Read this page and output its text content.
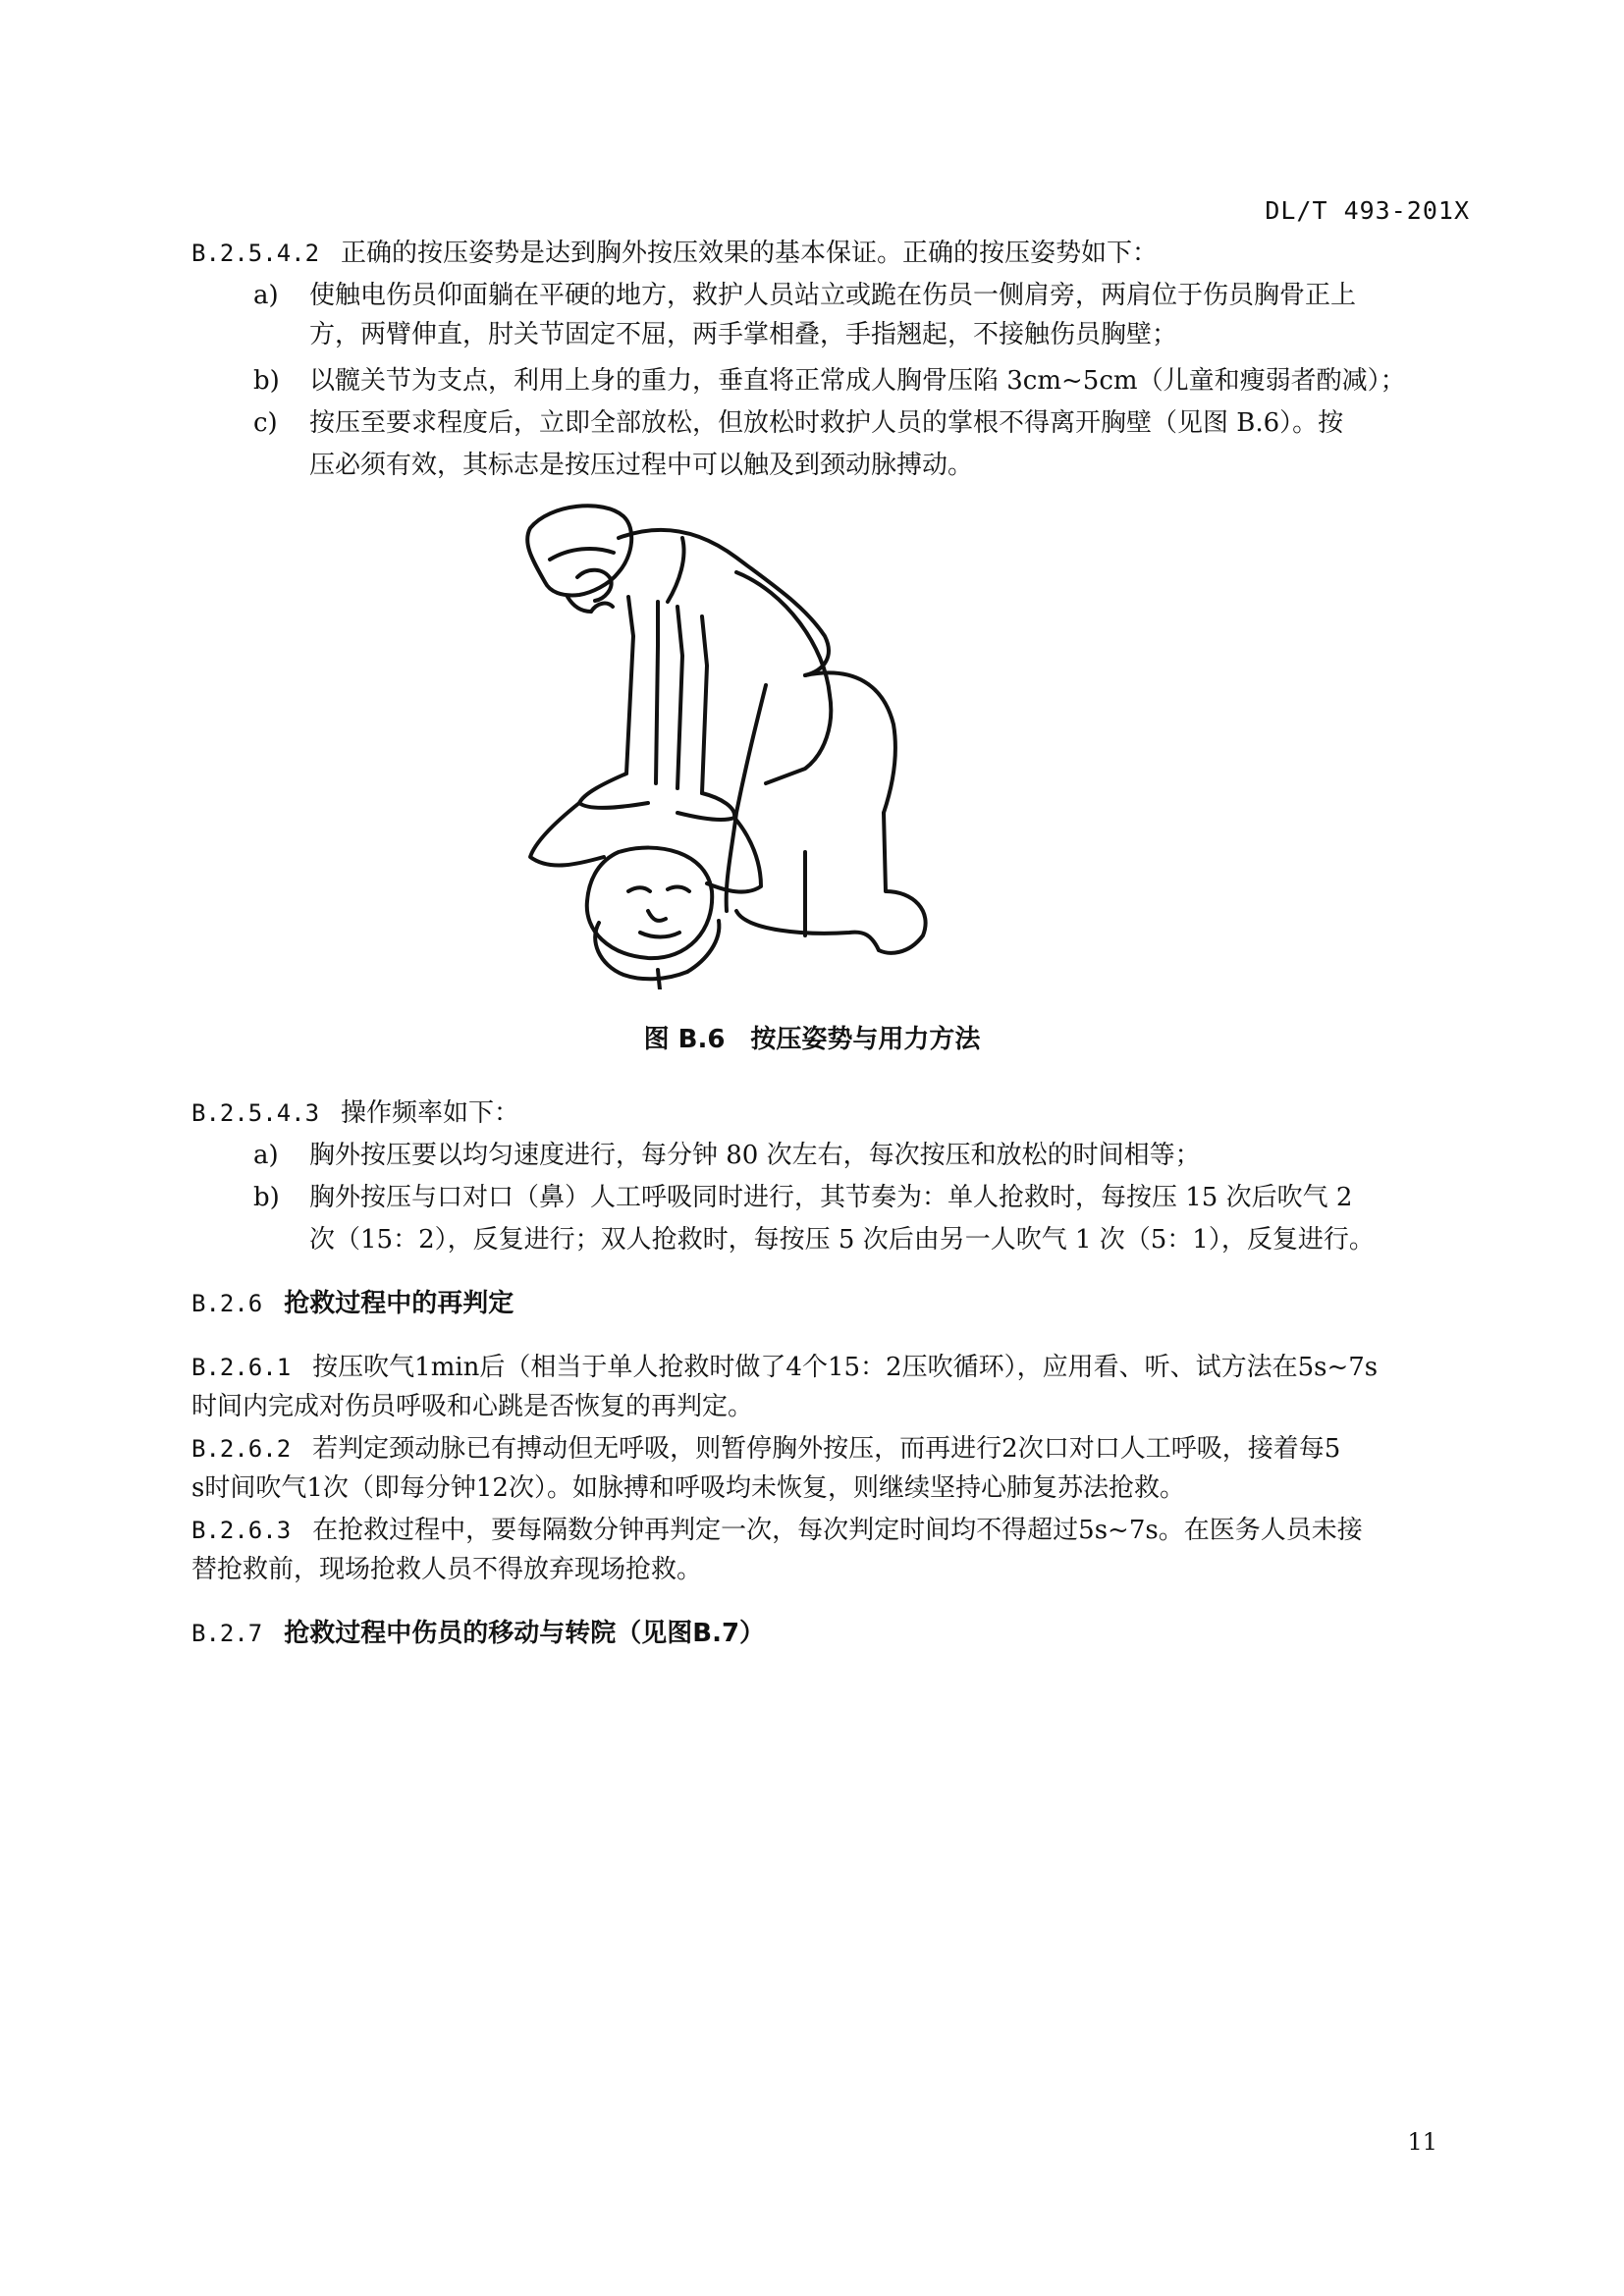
DL/T 493-201X
B.2.5.4.2 正确的按压姿势是达到胸外按压效果的基本保证。正确的按压姿势如下：
a) 使触电伤员仰面躺在平硬的地方，救护人员站立或跪在伤员一侧肩旁，两肩位于伤员胸骨正上
方，两臂伸直，肘关节固定不屈，两手掌相叠，手指翘起，不接触伤员胸壁；
b) 以髋关节为支点，利用上身的重力，垂直将正常成人胸骨压陷 3cm~5cm（儿童和瘦弱者酌减）；
c) 按压至要求程度后，立即全部放松，但放松时救护人员的掌根不得离开胸壁（见图 B.6）。按
压必须有效，其标志是按压过程中可以触及到颈动脉搏动。
图 B.6　按压姿势与用力方法
B.2.5.4.3 操作频率如下：
a) 胸外按压要以均匀速度进行，每分钟 80 次左右，每次按压和放松的时间相等；
b) 胸外按压与口对口（鼻）人工呼吸同时进行，其节奏为：单人抢救时，每按压 15 次后吹气 2
次（15：2），反复进行；双人抢救时，每按压 5 次后由另一人吹气 1 次（5：1），反复进行。
B.2.6 抢救过程中的再判定
B.2.6.1 按压吹气1min后（相当于单人抢救时做了4个15：2压吹循环），应用看、听、试方法在5s~7s
时间内完成对伤员呼吸和心跳是否恢复的再判定。
B.2.6.2 若判定颈动脉已有搏动但无呼吸，则暂停胸外按压，而再进行2次口对口人工呼吸，接着每5
s时间吹气1次（即每分钟12次）。如脉搏和呼吸均未恢复，则继续坚持心肺复苏法抢救。
B.2.6.3 在抢救过程中，要每隔数分钟再判定一次，每次判定时间均不得超过5s~7s。在医务人员未接
替抢救前，现场抢救人员不得放弃现场抢救。
B.2.7 抢救过程中伤员的移动与转院（见图B.7）
11
